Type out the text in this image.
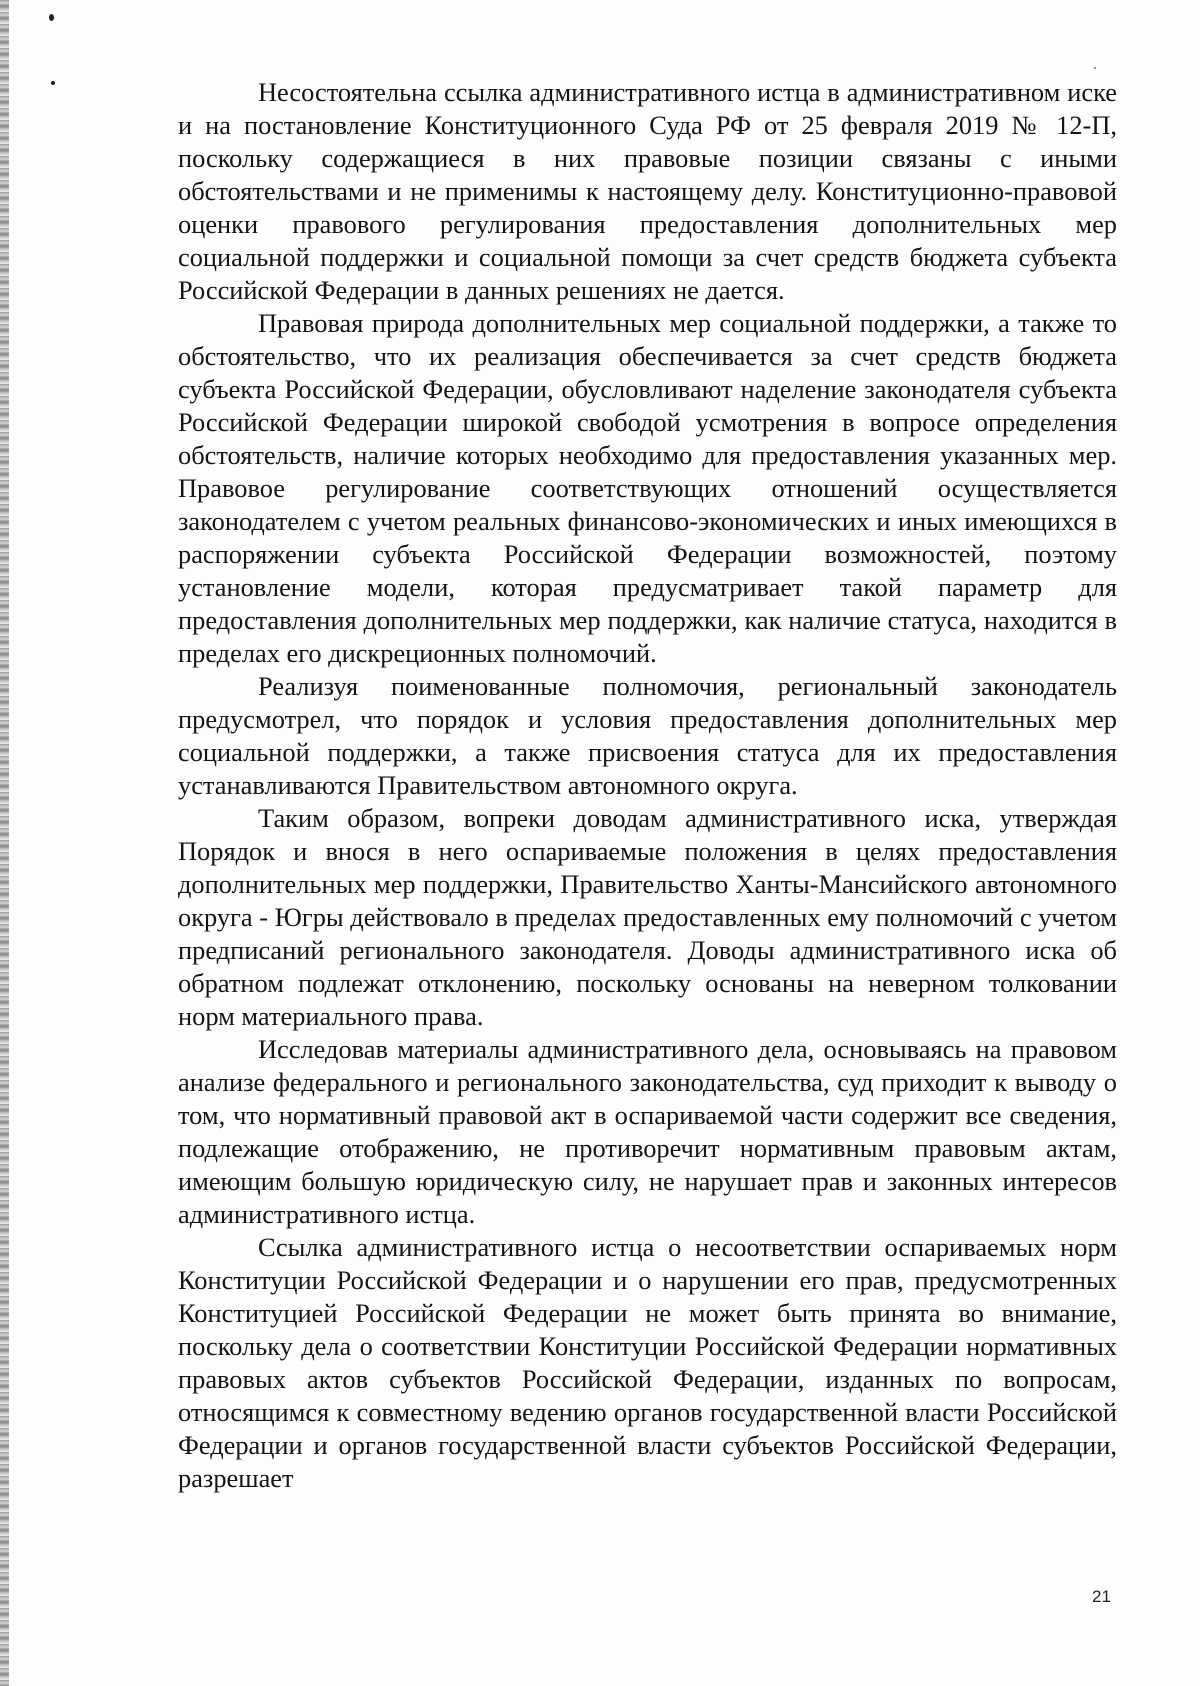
Несостоятельна ссылка административного истца в административном иске и на постановление Конституционного Суда РФ от 25 февраля 2019 № 12-П, поскольку содержащиеся в них правовые позиции связаны с иными обстоятельствами и не применимы к настоящему делу. Конституционно-правовой оценки правового регулирования предоставления дополнительных мер социальной поддержки и социальной помощи за счет средств бюджета субъекта Российской Федерации в данных решениях не дается.

Правовая природа дополнительных мер социальной поддержки, а также то обстоятельство, что их реализация обеспечивается за счет средств бюджета субъекта Российской Федерации, обусловливают наделение законодателя субъекта Российской Федерации широкой свободой усмотрения в вопросе определения обстоятельств, наличие которых необходимо для предоставления указанных мер. Правовое регулирование соответствующих отношений осуществляется законодателем с учетом реальных финансово-экономических и иных имеющихся в распоряжении субъекта Российской Федерации возможностей, поэтому установление модели, которая предусматривает такой параметр для предоставления дополнительных мер поддержки, как наличие статуса, находится в пределах его дискреционных полномочий.

Реализуя поименованные полномочия, региональный законодатель предусмотрел, что порядок и условия предоставления дополнительных мер социальной поддержки, а также присвоения статуса для их предоставления устанавливаются Правительством автономного округа.

Таким образом, вопреки доводам административного иска, утверждая Порядок и внося в него оспариваемые положения в целях предоставления дополнительных мер поддержки, Правительство Ханты-Мансийского автономного округа - Югры действовало в пределах предоставленных ему полномочий с учетом предписаний регионального законодателя. Доводы административного иска об обратном подлежат отклонению, поскольку основаны на неверном толковании норм материального права.

Исследовав материалы административного дела, основываясь на правовом анализе федерального и регионального законодательства, суд приходит к выводу о том, что нормативный правовой акт в оспариваемой части содержит все сведения, подлежащие отображению, не противоречит нормативным правовым актам, имеющим большую юридическую силу, не нарушает прав и законных интересов административного истца.

Ссылка административного истца о несоответствии оспариваемых норм Конституции Российской Федерации и о нарушении его прав, предусмотренных Конституцией Российской Федерации не может быть принята во внимание, поскольку дела о соответствии Конституции Российской Федерации нормативных правовых актов субъектов Российской Федерации, изданных по вопросам, относящимся к совместному ведению органов государственной власти Российской Федерации и органов государственной власти субъектов Российской Федерации, разрешает

21
